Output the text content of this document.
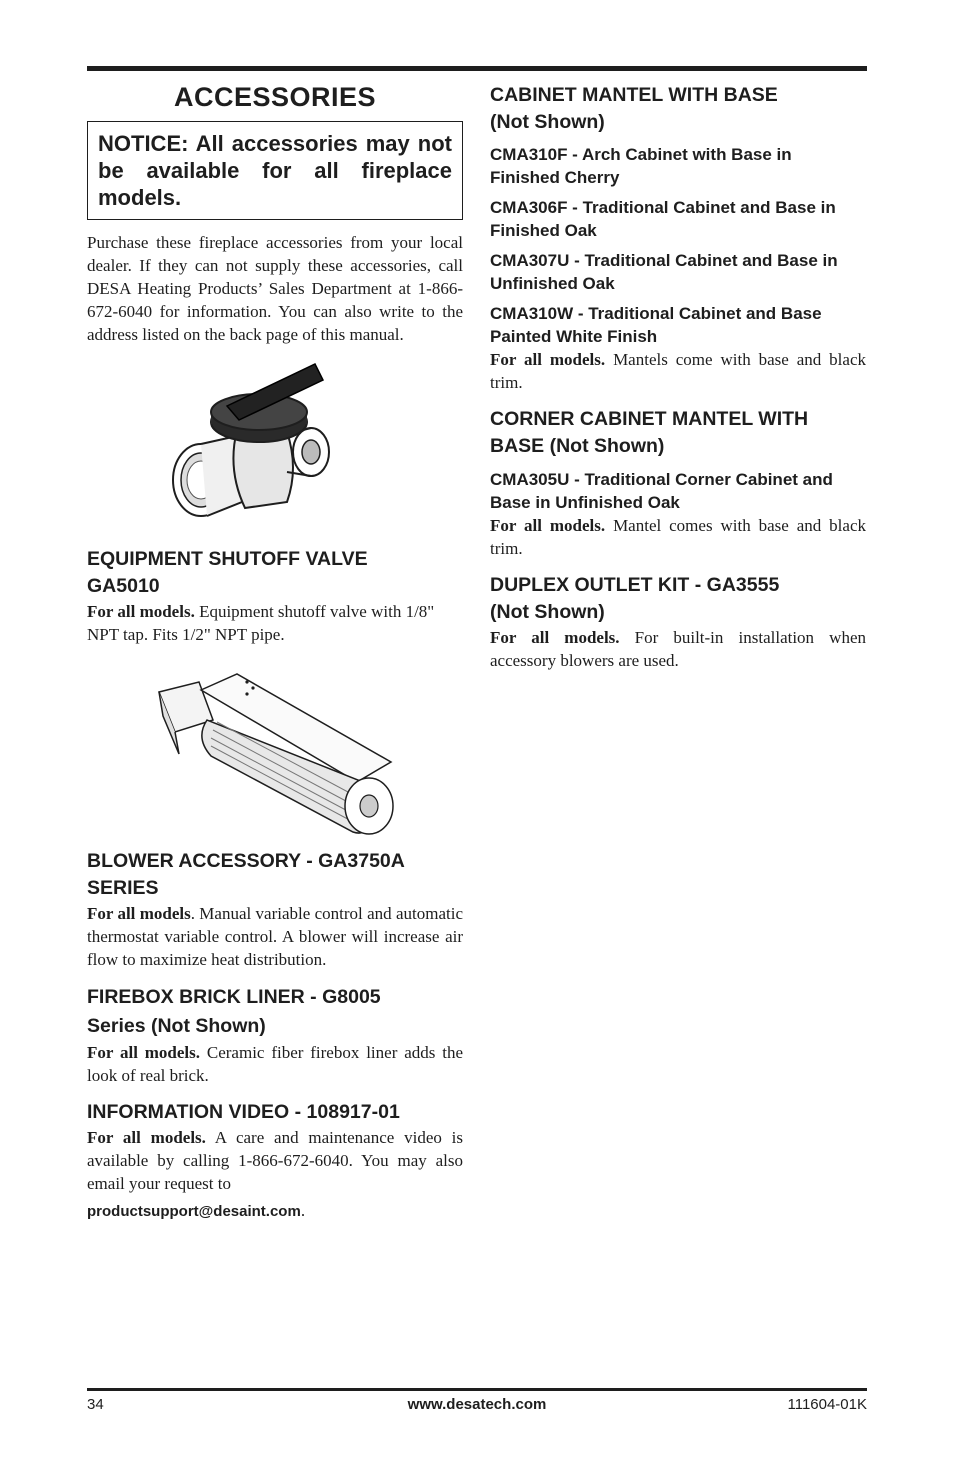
ACCESSORIES
NOTICE: All accessories may not be available for all fireplace models.

Purchase these fireplace accessories from your local dealer. If they can not supply these accessories, call DESA Heating Products’ Sales Department at 1-866-672-6040 for information. You can also write to the address listed on the back page of this manual.

EQUIPMENT SHUTOFF VALVE
GA5010

For all models. Equipment shutoff valve with 1/8" NPT tap. Fits 1/2" NPT pipe.

BLOWER ACCESSORY - GA3750A
SERIES

For all models. Manual variable control and automatic thermostat variable control. A blower will increase air flow to maximize heat distribution.

FIREBOX BRICK LINER - G8005
Series (Not Shown)

For all models. Ceramic fiber firebox liner adds the look of real brick.

INFORMATION VIDEO - 108917-01

For all models. A care and maintenance video is available by calling 1-866-672-6040. You may also email your request to

productsupport@desaint.com.

CABINET MANTEL WITH BASE
(Not Shown)
CMA310F - Arch Cabinet with Base in Finished Cherry
CMA306F - Traditional Cabinet and Base in Finished Oak
CMA307U - Traditional Cabinet and Base in Unfinished Oak
CMA310W - Traditional Cabinet and Base Painted White Finish

For all models. Mantels come with base and black trim.

CORNER CABINET MANTEL WITH
BASE (Not Shown)
CMA305U - Traditional Corner Cabinet and Base in Unfinished Oak

For all models. Mantel comes with base and black trim.

DUPLEX OUTLET KIT - GA3555
(Not Shown)

For all models. For built-in installation when accessory blowers are used.

www.desatech.com
34	111604-01K
